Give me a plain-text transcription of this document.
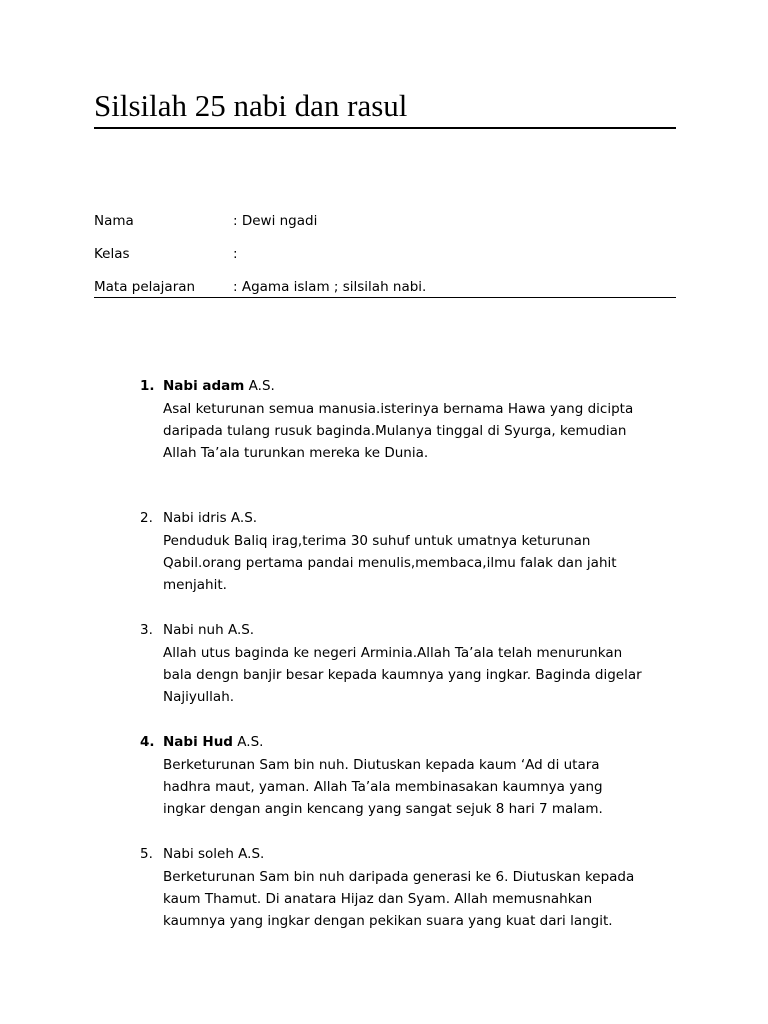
Silsilah 25 nabi dan rasul
Nama	: Dewi ngadi
Kelas	:
Mata pelajaran	: Agama islam ; silsilah nabi.
1. Nabi adam A.S.
Asal keturunan semua manusia.isterinya bernama Hawa yang dicipta
daripada tulang rusuk baginda.Mulanya tinggal di Syurga, kemudian
Allah Ta’ala turunkan mereka ke Dunia.
2. Nabi idris A.S.
Penduduk Baliq irag,terima 30 suhuf untuk umatnya keturunan
Qabil.orang pertama pandai menulis,membaca,ilmu falak dan jahit
menjahit.
3. Nabi nuh A.S.
Allah utus baginda ke negeri Arminia.Allah Ta’ala telah menurunkan
bala dengn banjir besar kepada kaumnya yang ingkar. Baginda digelar
Najiyullah.
4. Nabi Hud A.S.
Berketurunan Sam bin nuh. Diutuskan kepada kaum ‘Ad di utara
hadhra maut, yaman. Allah Ta’ala membinasakan kaumnya yang
ingkar dengan angin kencang yang sangat sejuk 8 hari 7 malam.
5. Nabi soleh A.S.
Berketurunan Sam bin nuh daripada generasi ke 6. Diutuskan kepada
kaum Thamut. Di anatara Hijaz dan Syam. Allah memusnahkan
kaumnya yang ingkar dengan pekikan suara yang kuat dari langit.
